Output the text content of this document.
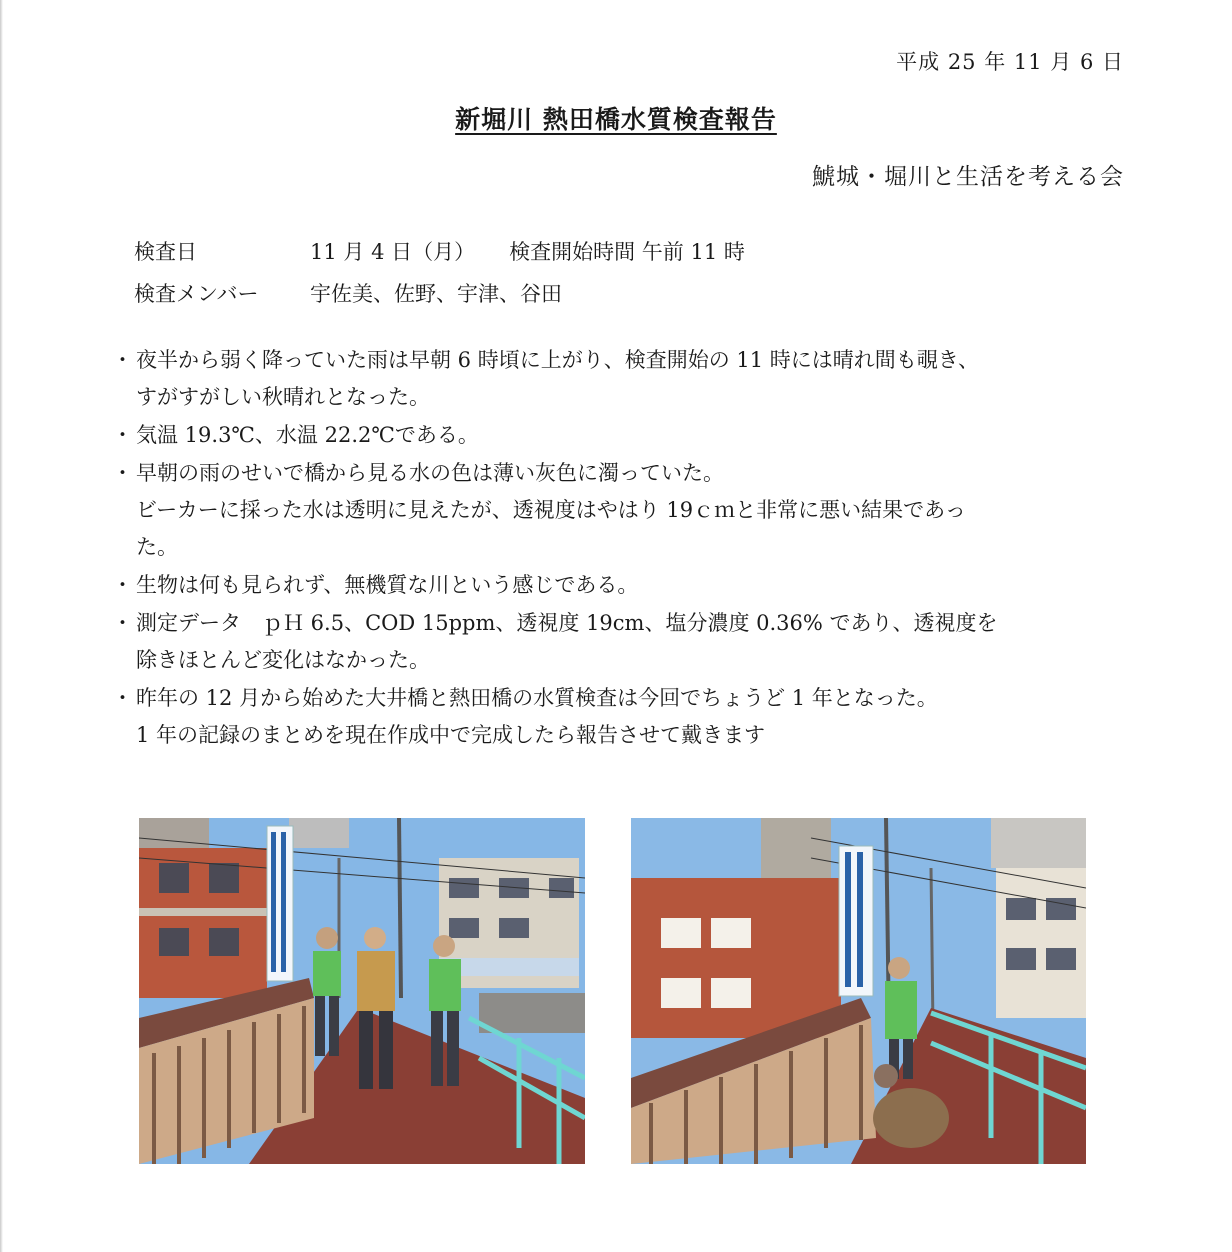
平成 25 年 11 月 6 日
新堀川 熱田橋水質検査報告
鯱城・堀川と生活を考える会
検査日	11 月 4 日（月） 検査開始時間 午前 11 時
検査メンバー 宇佐美、佐野、宇津、谷田
・ 夜半から弱く降っていた雨は早朝 6 時頃に上がり、検査開始の 11 時には晴れ間も覗き、
すがすがしい秋晴れとなった。
・ 気温 19.3℃、水温 22.2℃である。
・ 早朝の雨のせいで橋から見る水の色は薄い灰色に濁っていた。
ビーカーに採った水は透明に見えたが、透視度はやはり 19ｃｍと非常に悪い結果であっ
た。
・ 生物は何も見られず、無機質な川という感じである。
・ 測定データ　ｐＨ 6.5、COD 15ppm、透視度 19cm、塩分濃度 0.36% であり、透視度を
除きほとんど変化はなかった。
・ 昨年の 12 月から始めた大井橋と熱田橋の水質検査は今回でちょうど 1 年となった。
1 年の記録のまとめを現在作成中で完成したら報告させて戴きます
